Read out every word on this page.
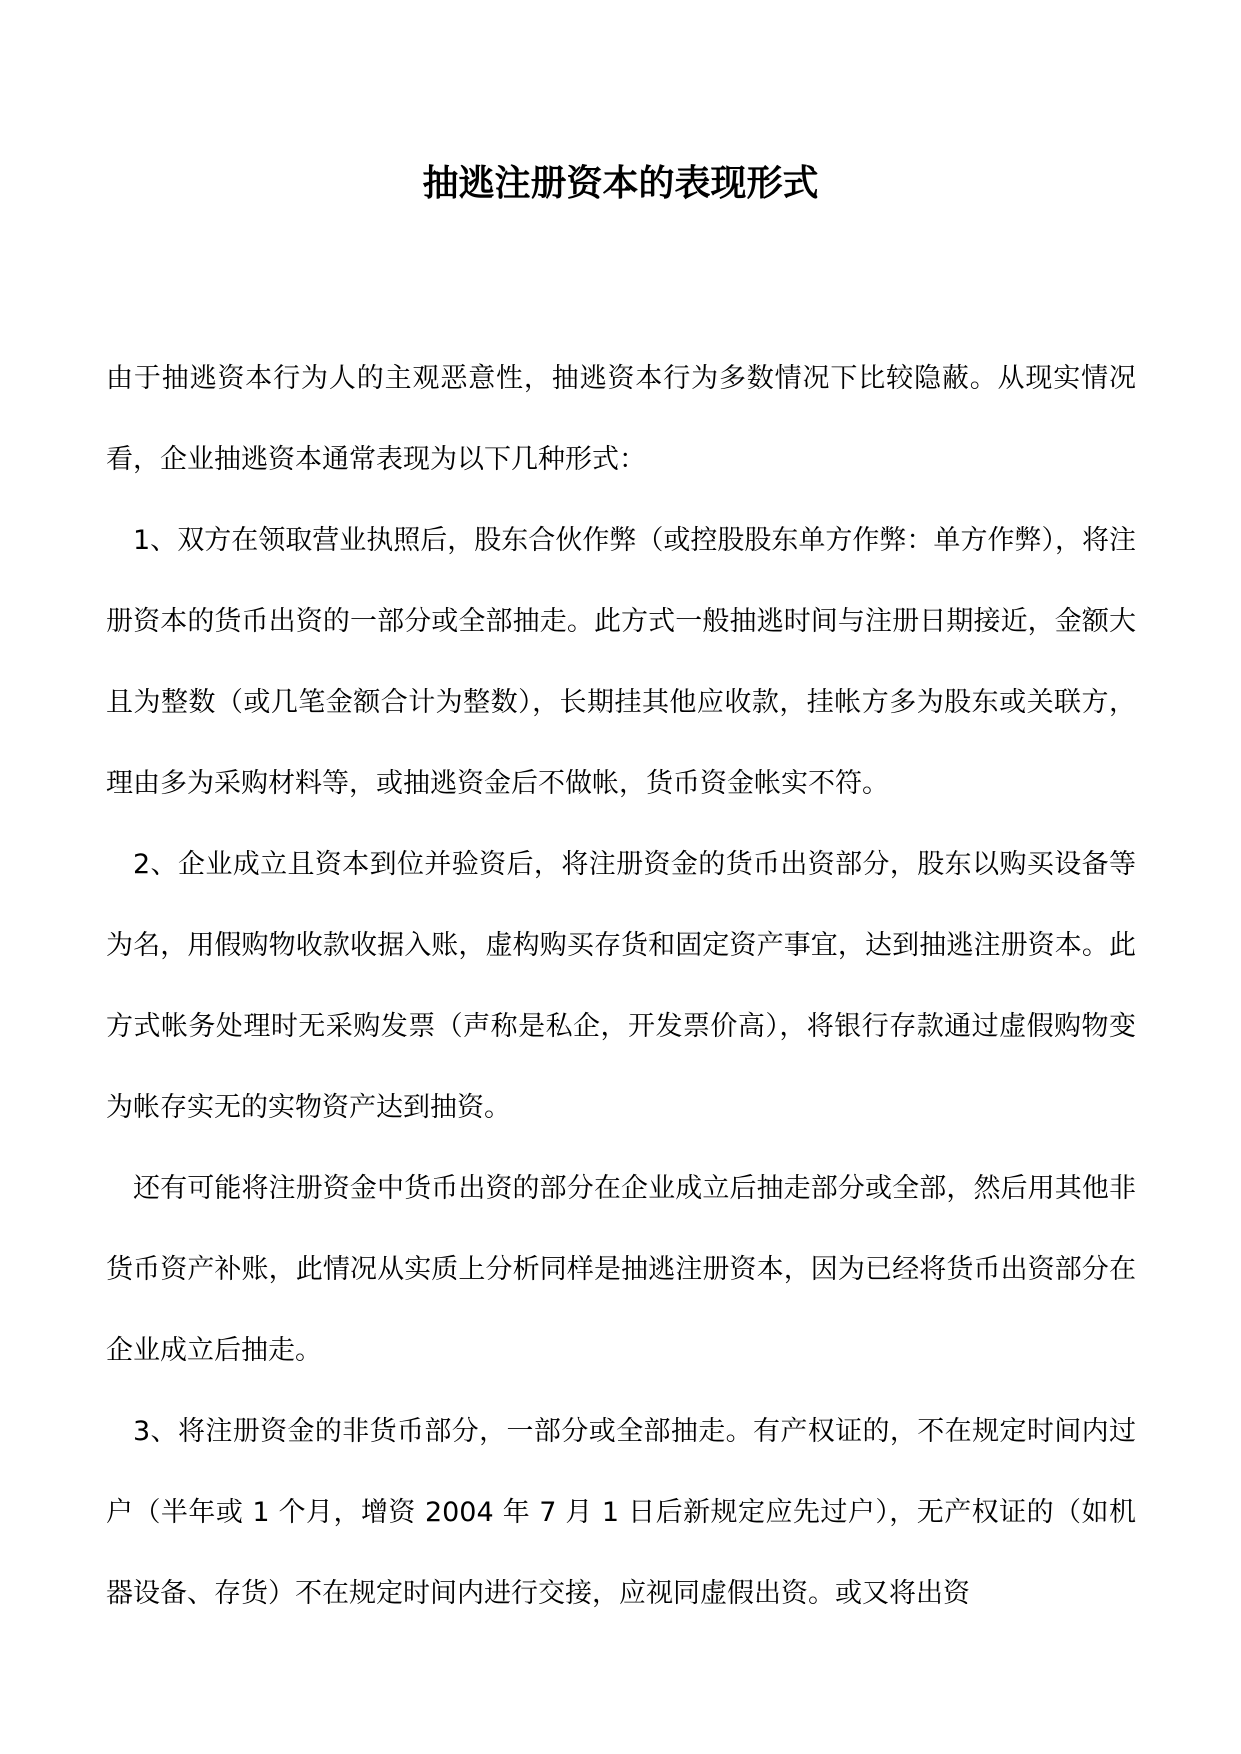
抽逃注册资本的表现形式

由于抽逃资本行为人的主观恶意性，抽逃资本行为多数情况下比较隐蔽。从现实情况看，企业抽逃资本通常表现为以下几种形式：

1、双方在领取营业执照后，股东合伙作弊（或控股股东单方作弊：单方作弊），将注册资本的货币出资的一部分或全部抽走。此方式一般抽逃时间与注册日期接近，金额大且为整数（或几笔金额合计为整数），长期挂其他应收款，挂帐方多为股东或关联方，理由多为采购材料等，或抽逃资金后不做帐，货币资金帐实不符。

2、企业成立且资本到位并验资后，将注册资金的货币出资部分，股东以购买设备等为名，用假购物收款收据入账，虚构购买存货和固定资产事宜，达到抽逃注册资本。此方式帐务处理时无采购发票（声称是私企，开发票价高），将银行存款通过虚假购物变为帐存实无的实物资产达到抽资。

还有可能将注册资金中货币出资的部分在企业成立后抽走部分或全部，然后用其他非货币资产补账，此情况从实质上分析同样是抽逃注册资本，因为已经将货币出资部分在企业成立后抽走。

3、将注册资金的非货币部分，一部分或全部抽走。有产权证的，不在规定时间内过户（半年或 1 个月，增资 2004 年 7 月 1 日后新规定应先过户），无产权证的（如机器设备、存货）不在规定时间内进行交接，应视同虚假出资。或又将出资
